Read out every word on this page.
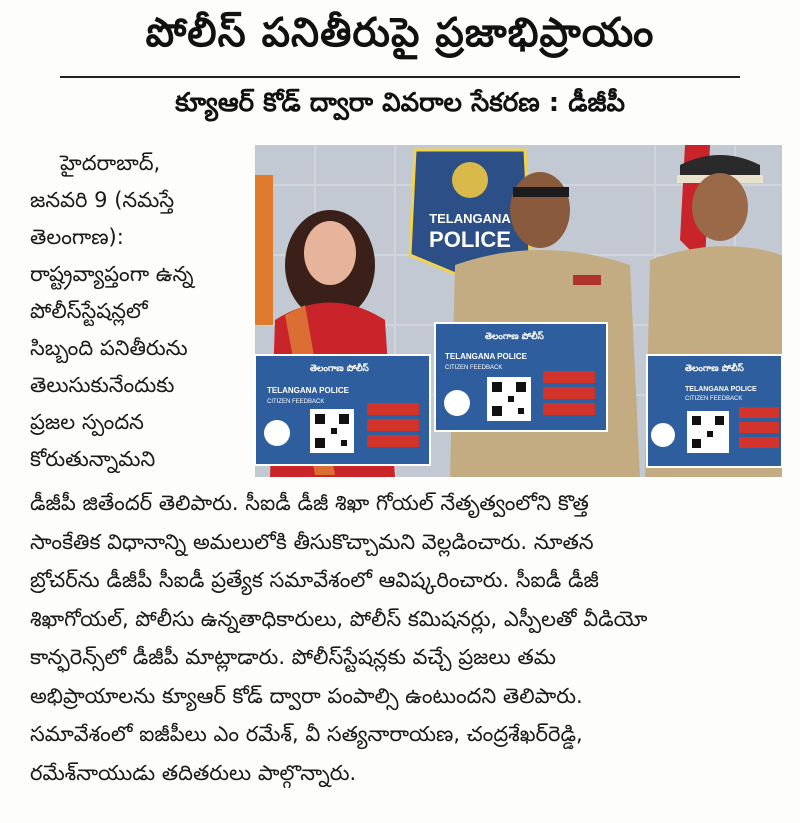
పోలీస్ పనితీరుపై ప్రజాభిప్రాయం
క్యూఆర్ కోడ్ ద్వారా వివరాల సేకరణ : డీజీపీ
హైదరాబాద్,
జనవరి 9 (నమస్తే
తెలంగాణ):
రాష్ట్రవ్యాప్తంగా ఉన్న
పోలీస్‌స్టేషన్లలో
సిబ్బంది పనితీరును
తెలుసుకునేందుకు
ప్రజల స్పందన
కోరుతున్నామని
TELANGANA
POLICE
తెలంగాణ పోలీస్
TELANGANA POLICE
CITIZEN FEEDBACK
తెలంగాణ పోలీస్
TELANGANA POLICE
CITIZEN FEEDBACK	తెలంగాణ పోలీస్
TELANGANA POLICE
CITIZEN FEEDBACK
డీజీపీ జితేందర్ తెలిపారు. సీఐడీ డీజీ శిఖా గోయల్ నేతృత్వంలోని కొత్త
సాంకేతిక విధానాన్ని అమలులోకి తీసుకొచ్చామని వెల్లడించారు. నూతన
బ్రోచర్‌ను డీజీపీ సీఐడీ ప్రత్యేక సమావేశంలో ఆవిష్కరించారు. సీఐడీ డీజీ
శిఖాగోయల్, పోలీసు ఉన్నతాధికారులు, పోలీస్ కమిషనర్లు, ఎస్పీలతో వీడియో
కాన్ఫరెన్స్‌లో డీజీపీ మాట్లాడారు. పోలీస్‌స్టేషన్లకు వచ్చే ప్రజలు తమ
అభిప్రాయాలను క్యూఆర్ కోడ్ ద్వారా పంపాల్సి ఉంటుందని తెలిపారు.
సమావేశంలో ఐజీపీలు ఎం రమేశ్, వీ సత్యనారాయణ, చంద్రశేఖర్‌రెడ్డి,
రమేశ్‌నాయుడు తదితరులు పాల్గొన్నారు.
